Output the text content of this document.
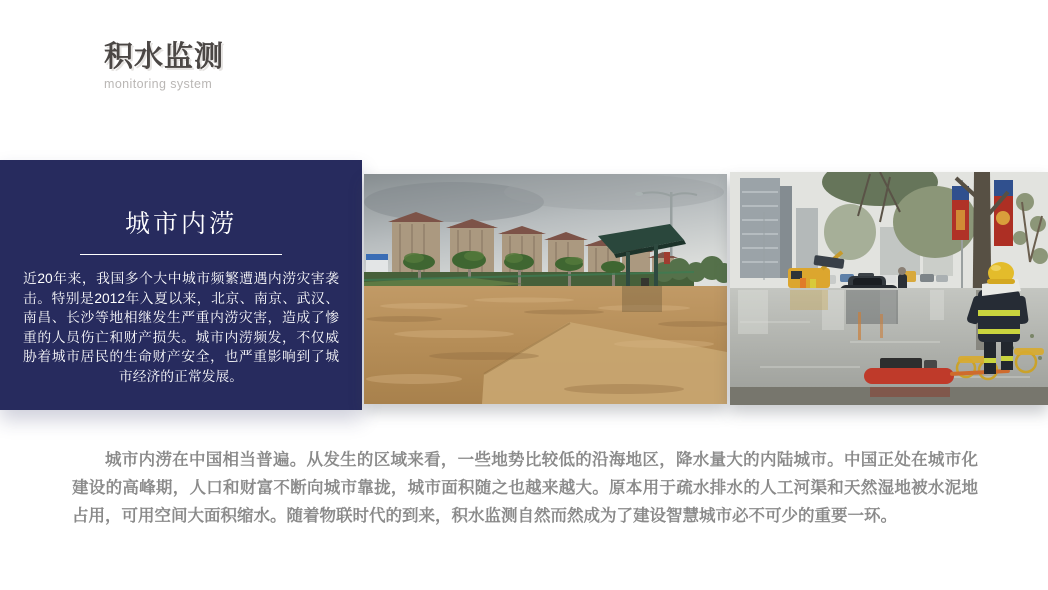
积水监测
monitoring system
城市内涝

近20年来，我国多个大中城市频繁遭遇内涝灾害袭击。特别是2012年入夏以来，北京、南京、武汉、南昌、长沙等地相继发生严重内涝灾害，造成了惨重的人员伤亡和财产损失。城市内涝频发，不仅威胁着城市居民的生命财产安全，也严重影响到了城市经济的正常发展。

城市内涝在中国相当普遍。从发生的区域来看，一些地势比较低的沿海地区，降水量大的内陆城市。中国正处在城市化建设的高峰期，人口和财富不断向城市靠拢，城市面积随之也越来越大。原本用于疏水排水的人工河渠和天然湿地被水泥地占用，可用空间大面积缩水。随着物联时代的到来，积水监测自然而然成为了建设智慧城市必不可少的重要一环。
